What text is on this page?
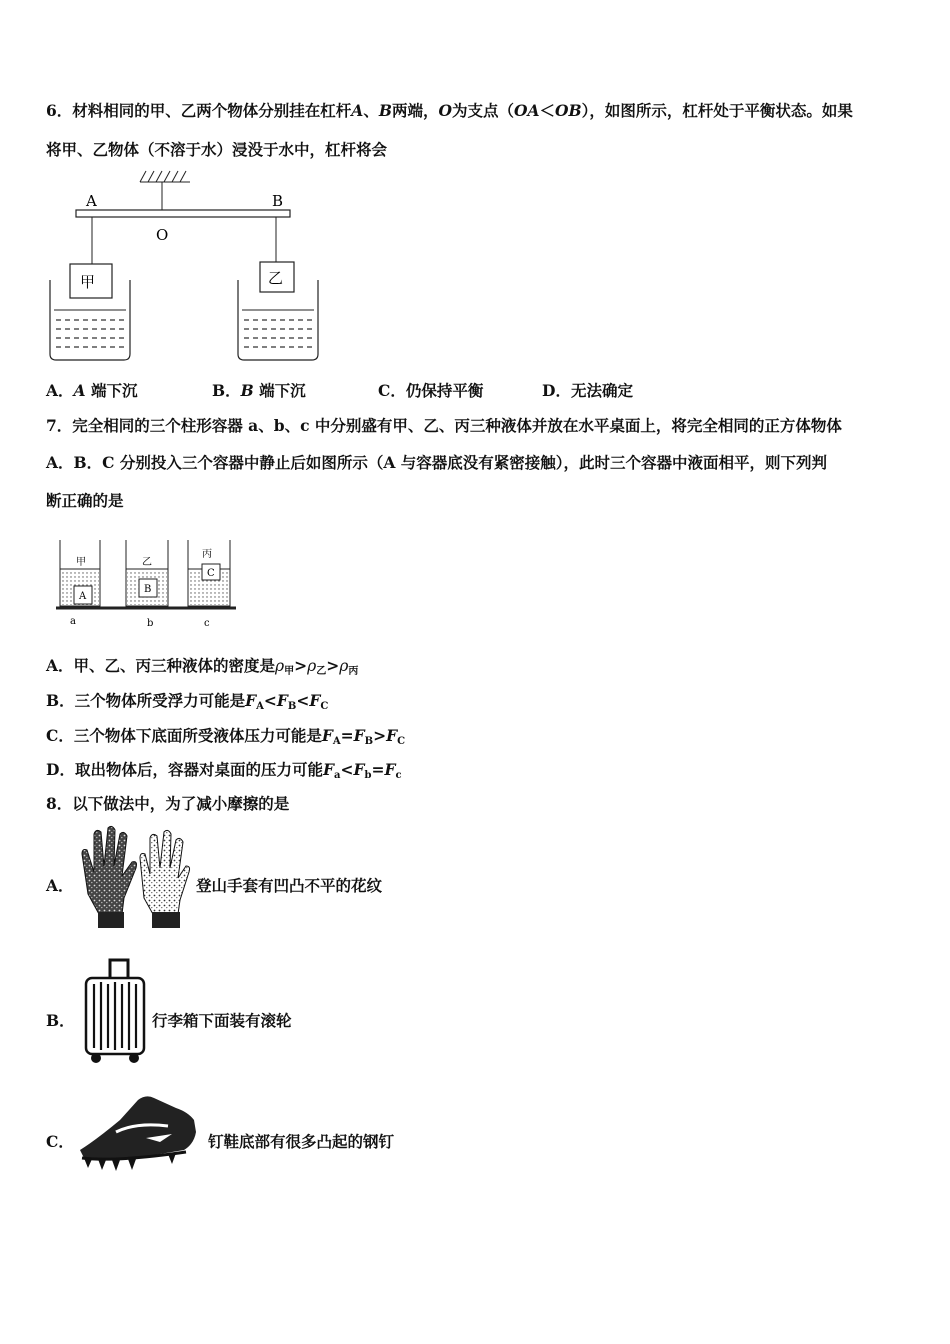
6．材料相同的甲、乙两个物体分别挂在杠杆A、B两端，O为支点（OA＜OB），如图所示，杠杆处于平衡状态。如果
将甲、乙物体（不溶于水）浸没于水中，杠杆将会
A	B
O
甲	乙
A．A 端下沉	B．B 端下沉	C．仍保持平衡	D．无法确定
7．完全相同的三个柱形容器 a、b、c 中分别盛有甲、乙、丙三种液体并放在水平桌面上，将完全相同的正方体物体
A．B．C 分别投入三个容器中静止后如图所示（A 与容器底没有紧密接触），此时三个容器中液面相平，则下列判
断正确的是
A
甲
B
乙
C
丙
a	b	c
A．甲、乙、丙三种液体的密度是$\rho_甲>\rho_乙>\rho_丙$
B．三个物体所受浮力可能是$F_A<F_B<F_C$
C．三个物体下底面所受液体压力可能是$F_A=F_B>F_C$
D．取出物体后，容器对桌面的压力可能$F_a<F_b=F_c$
8．以下做法中，为了减小摩擦的是
A．	登山手套有凹凸不平的花纹
B．	行李箱下面装有滚轮
C．	钉鞋底部有很多凸起的钢钉
